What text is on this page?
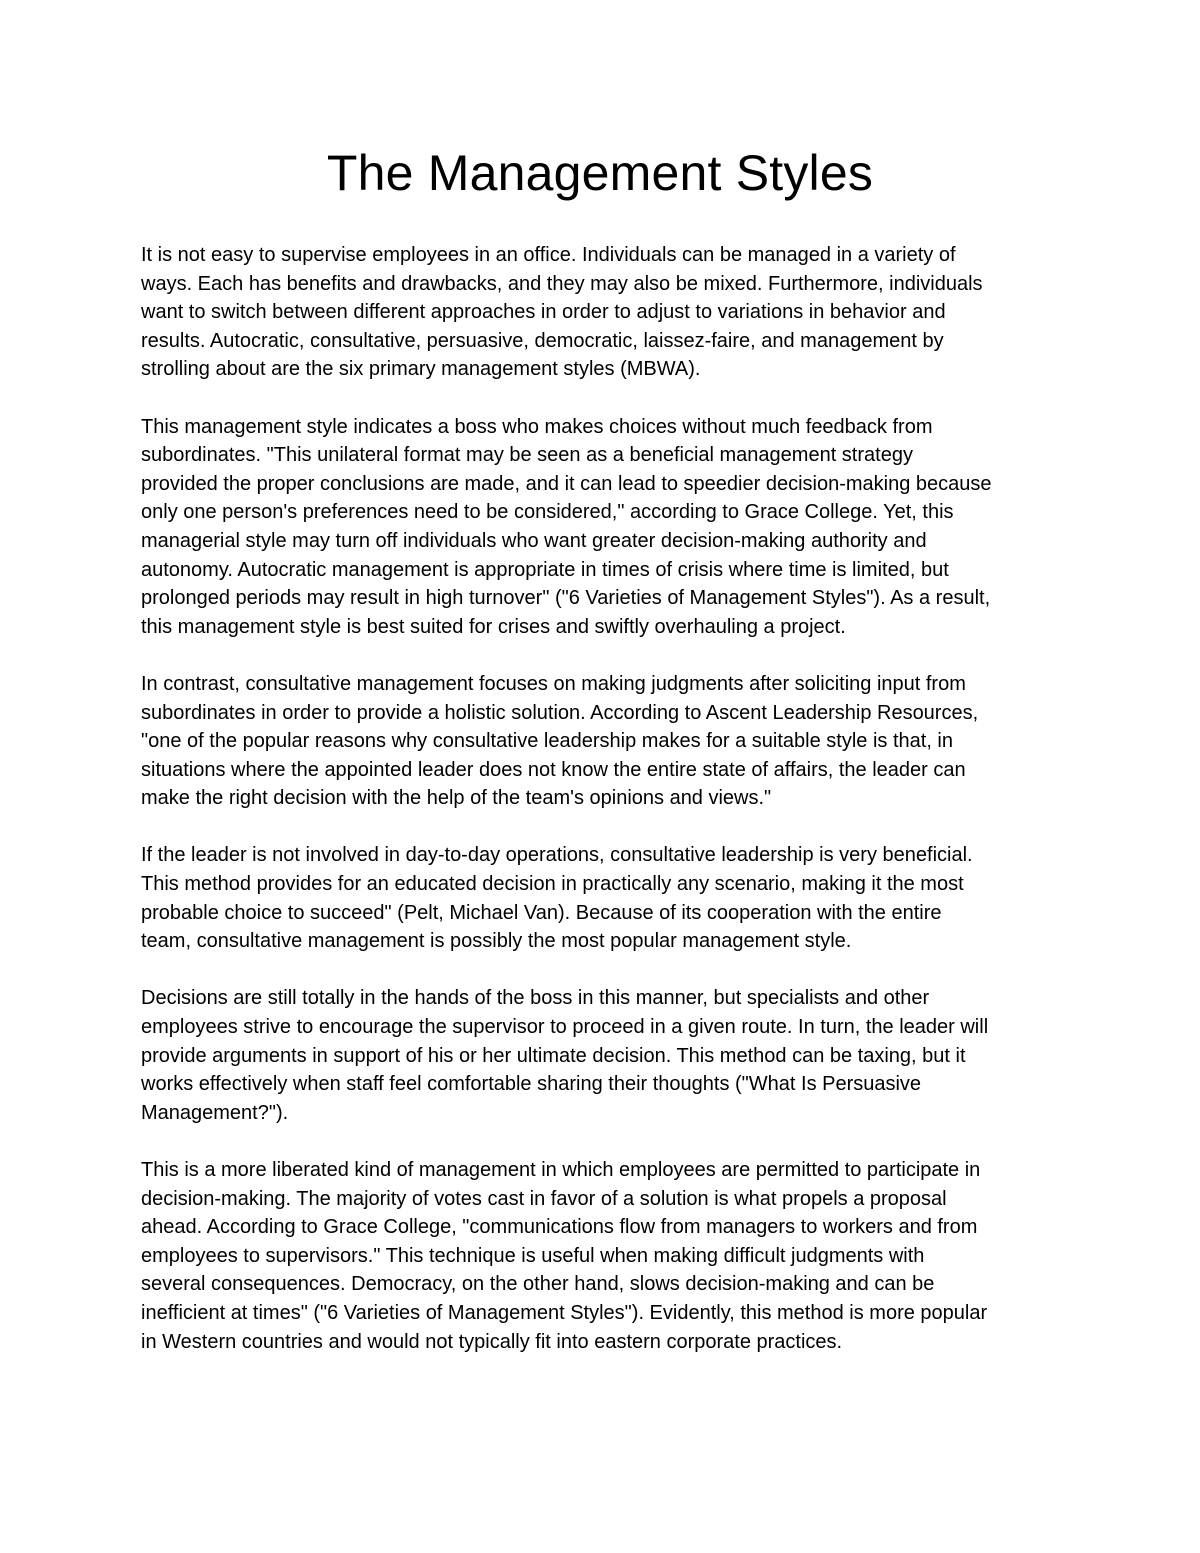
The Management Styles

It is not easy to supervise employees in an office. Individuals can be managed in a variety of
ways. Each has benefits and drawbacks, and they may also be mixed. Furthermore, individuals
want to switch between different approaches in order to adjust to variations in behavior and
results. Autocratic, consultative, persuasive, democratic, laissez-faire, and management by
strolling about are the six primary management styles (MBWA).

This management style indicates a boss who makes choices without much feedback from
subordinates. "This unilateral format may be seen as a beneficial management strategy
provided the proper conclusions are made, and it can lead to speedier decision-making because
only one person's preferences need to be considered," according to Grace College. Yet, this
managerial style may turn off individuals who want greater decision-making authority and
autonomy. Autocratic management is appropriate in times of crisis where time is limited, but
prolonged periods may result in high turnover" ("6 Varieties of Management Styles"). As a result,
this management style is best suited for crises and swiftly overhauling a project.

In contrast, consultative management focuses on making judgments after soliciting input from
subordinates in order to provide a holistic solution. According to Ascent Leadership Resources,
"one of the popular reasons why consultative leadership makes for a suitable style is that, in
situations where the appointed leader does not know the entire state of affairs, the leader can
make the right decision with the help of the team's opinions and views."

If the leader is not involved in day-to-day operations, consultative leadership is very beneficial.
This method provides for an educated decision in practically any scenario, making it the most
probable choice to succeed" (Pelt, Michael Van). Because of its cooperation with the entire
team, consultative management is possibly the most popular management style.

Decisions are still totally in the hands of the boss in this manner, but specialists and other
employees strive to encourage the supervisor to proceed in a given route. In turn, the leader will
provide arguments in support of his or her ultimate decision. This method can be taxing, but it
works effectively when staff feel comfortable sharing their thoughts ("What Is Persuasive
Management?").

This is a more liberated kind of management in which employees are permitted to participate in
decision-making. The majority of votes cast in favor of a solution is what propels a proposal
ahead. According to Grace College, "communications flow from managers to workers and from
employees to supervisors." This technique is useful when making difficult judgments with
several consequences. Democracy, on the other hand, slows decision-making and can be
inefficient at times" ("6 Varieties of Management Styles"). Evidently, this method is more popular
in Western countries and would not typically fit into eastern corporate practices.
